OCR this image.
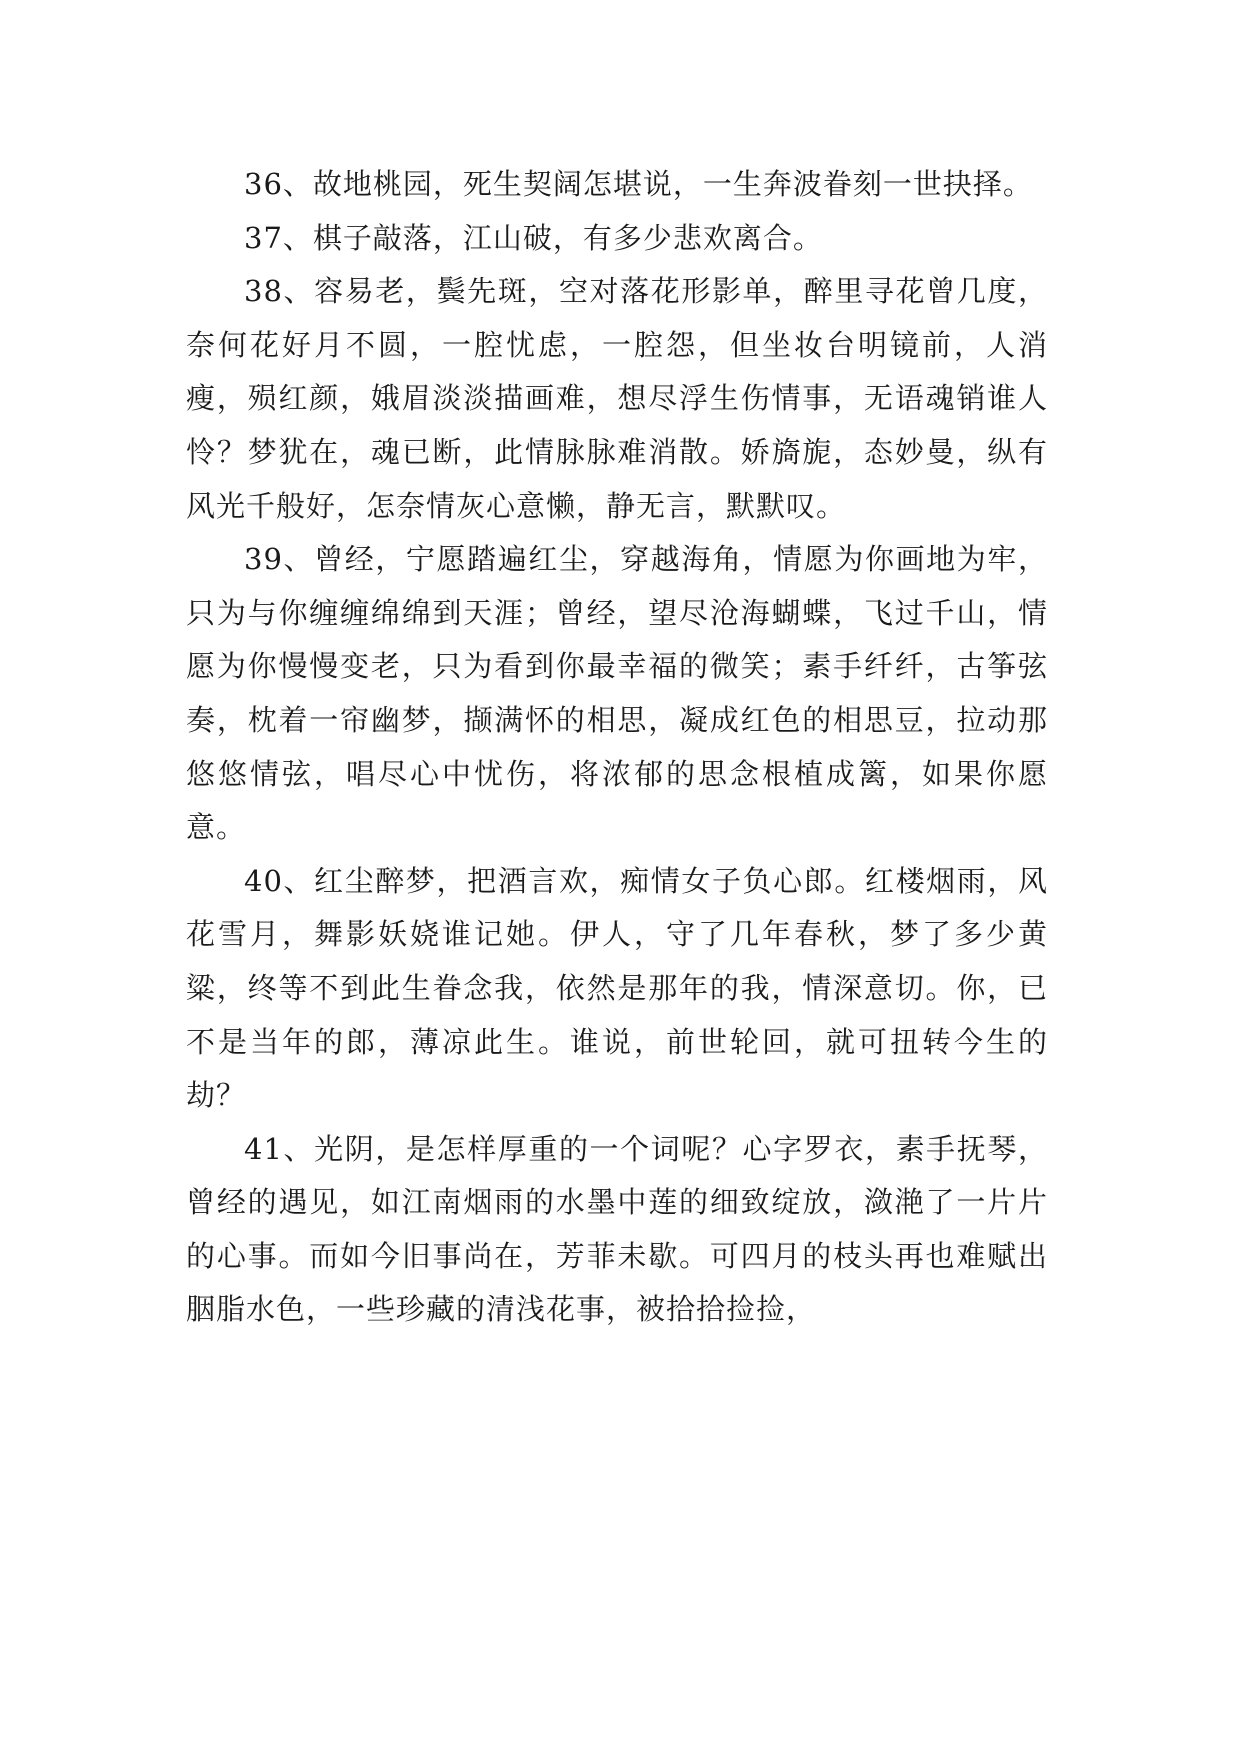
36、故地桃园，死生契阔怎堪说，一生奔波眷刻一世抉择。

37、棋子敲落，江山破，有多少悲欢离合。

38、容易老，鬓先斑，空对落花形影单，醉里寻花曾几度，奈何花好月不圆，一腔忧虑，一腔怨，但坐妆台明镜前，人消瘦，殒红颜，娥眉淡淡描画难，想尽浮生伤情事，无语魂销谁人怜？梦犹在，魂已断，此情脉脉难消散。娇旖旎，态妙曼，纵有风光千般好，怎奈情灰心意懒，静无言，默默叹。

39、曾经，宁愿踏遍红尘，穿越海角，情愿为你画地为牢，只为与你缠缠绵绵到天涯；曾经，望尽沧海蝴蝶，飞过千山，情愿为你慢慢变老，只为看到你最幸福的微笑；素手纤纤，古筝弦奏，枕着一帘幽梦，撷满怀的相思，凝成红色的相思豆，拉动那悠悠情弦，唱尽心中忧伤，将浓郁的思念根植成篱，如果你愿意。

40、红尘醉梦，把酒言欢，痴情女子负心郎。红楼烟雨，风花雪月，舞影妖娆谁记她。伊人，守了几年春秋，梦了多少黄粱，终等不到此生眷念我，依然是那年的我，情深意切。你，已不是当年的郎，薄凉此生。谁说，前世轮回，就可扭转今生的劫？

41、光阴，是怎样厚重的一个词呢？心字罗衣，素手抚琴，曾经的遇见，如江南烟雨的水墨中莲的细致绽放，潋滟了一片片的心事。而如今旧事尚在，芳菲未歇。可四月的枝头再也难赋出胭脂水色，一些珍藏的清浅花事，被拾拾捡捡，
